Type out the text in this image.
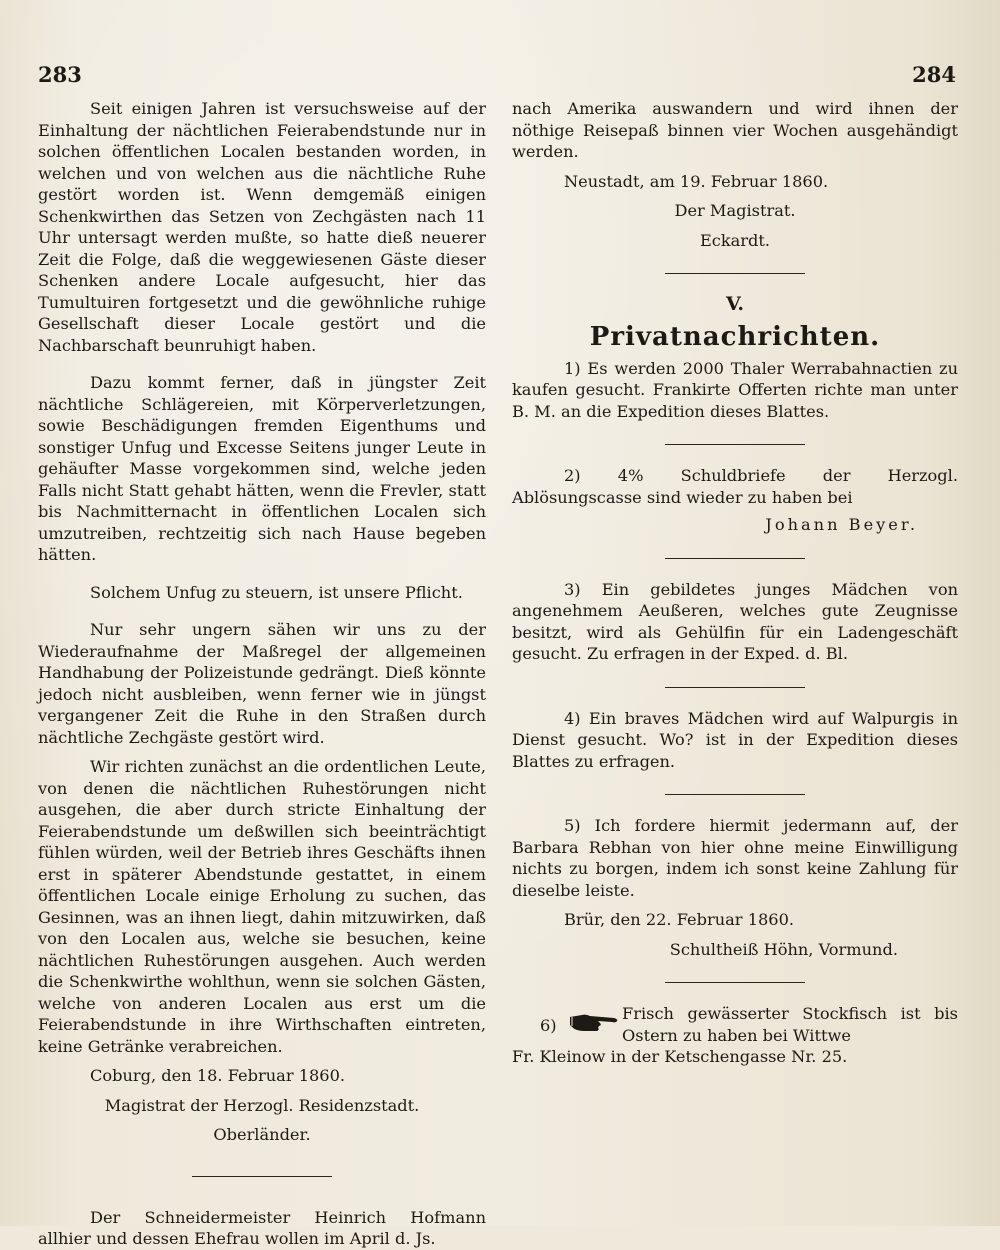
283	284

Seit einigen Jahren ist versuchsweise auf der Einhaltung der nächtlichen Feierabendstunde nur in solchen öffentlichen Localen bestanden worden, in welchen und von welchen aus die nächtliche Ruhe gestört worden ist. Wenn demgemäß einigen Schenkwirthen das Setzen von Zechgästen nach 11 Uhr untersagt werden mußte, so hatte dieß neuerer Zeit die Folge, daß die weggewiesenen Gäste dieser Schenken andere Locale aufgesucht, hier das Tumultuiren fortgesetzt und die gewöhnliche ruhige Gesellschaft dieser Locale gestört und die Nachbarschaft beunruhigt haben.

Dazu kommt ferner, daß in jüngster Zeit nächtliche Schlägereien, mit Körperverletzungen, sowie Beschädigungen fremden Eigenthums und sonstiger Unfug und Excesse Seitens junger Leute in gehäufter Masse vorgekommen sind, welche jeden Falls nicht Statt gehabt hätten, wenn die Frevler, statt bis Nachmitternacht in öffentlichen Localen sich umzutreiben, rechtzeitig sich nach Hause begeben hätten.

Solchem Unfug zu steuern, ist unsere Pflicht.

Nur sehr ungern sähen wir uns zu der Wiederaufnahme der Maßregel der allgemeinen Handhabung der Polizeistunde gedrängt. Dieß könnte jedoch nicht ausbleiben, wenn ferner wie in jüngst vergangener Zeit die Ruhe in den Straßen durch nächtliche Zechgäste gestört wird.

Wir richten zunächst an die ordentlichen Leute, von denen die nächtlichen Ruhestörungen nicht ausgehen, die aber durch stricte Einhaltung der Feierabendstunde um deßwillen sich beeinträchtigt fühlen würden, weil der Betrieb ihres Geschäfts ihnen erst in späterer Abendstunde gestattet, in einem öffentlichen Locale einige Erholung zu suchen, das Gesinnen, was an ihnen liegt, dahin mitzuwirken, daß von den Localen aus, welche sie besuchen, keine nächtlichen Ruhestörungen ausgehen. Auch werden die Schenkwirthe wohlthun, wenn sie solchen Gästen, welche von anderen Localen aus erst um die Feierabendstunde in ihre Wirthschaften eintreten, keine Getränke verabreichen.

Coburg, den 18. Februar 1860.

Magistrat der Herzogl. Residenzstadt.

Oberländer.

Der Schneidermeister Heinrich Hofmann allhier und dessen Ehefrau wollen im April d. Js.

nach Amerika auswandern und wird ihnen der nöthige Reisepaß binnen vier Wochen ausgehändigt werden.

Neustadt, am 19. Februar 1860.

Der Magistrat.

Eckardt.

V.

Privatnachrichten.

1) Es werden 2000 Thaler Werrabahnactien zu kaufen gesucht. Frankirte Offerten richte man unter B. M. an die Expedition dieses Blattes.

2) 4% Schuldbriefe der Herzogl. Ablösungscasse sind wieder zu haben bei

Johann Beyer.

3) Ein gebildetes junges Mädchen von angenehmem Aeußeren, welches gute Zeugnisse besitzt, wird als Gehülfin für ein Ladengeschäft gesucht. Zu erfragen in der Exped. d. Bl.

4) Ein braves Mädchen wird auf Walpurgis in Dienst gesucht. Wo? ist in der Expedition dieses Blattes zu erfragen.

5) Ich fordere hiermit jedermann auf, der Barbara Rebhan von hier ohne meine Einwilligung nichts zu borgen, indem ich sonst keine Zahlung für dieselbe leiste.

Brür, den 22. Februar 1860.

Schultheiß Höhn, Vormund.

6)

Frisch gewässerter Stockfisch ist bis Ostern zu haben bei Wittwe

Fr. Kleinow in der Ketschengasse Nr. 25.
